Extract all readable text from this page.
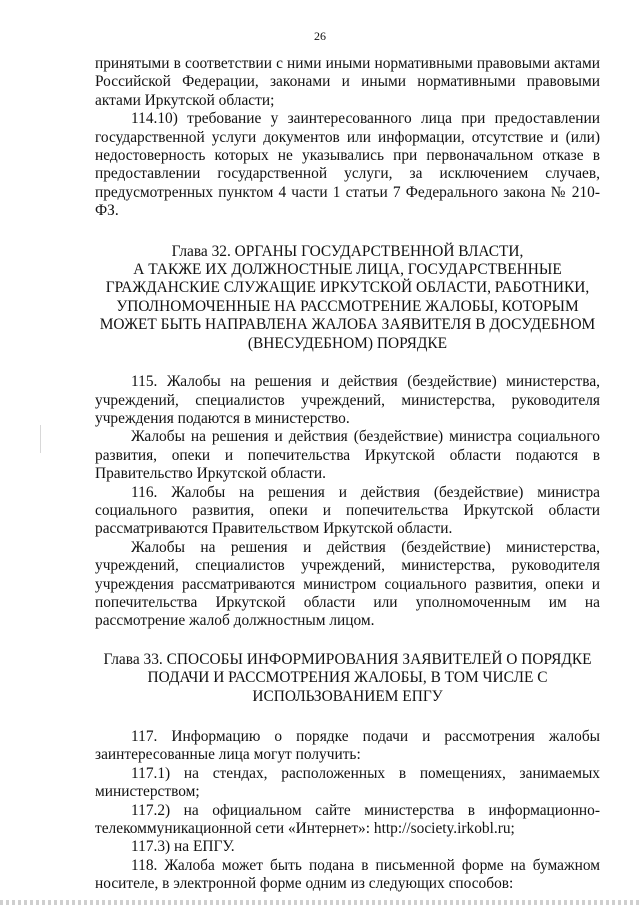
26

принятыми в соответствии с ними иными нормативными правовыми актами Российской Федерации, законами и иными нормативными правовыми актами Иркутской области;

114.10) требование у заинтересованного лица при предоставлении государственной услуги документов или информации, отсутствие и (или) недостоверность которых не указывались при первоначальном отказе в предоставлении государственной услуги, за исключением случаев, предусмотренных пунктом 4 части 1 статьи 7 Федерального закона № 210-ФЗ.

Глава 32. ОРГАНЫ ГОСУДАРСТВЕННОЙ ВЛАСТИ,
А ТАКЖЕ ИХ ДОЛЖНОСТНЫЕ ЛИЦА, ГОСУДАРСТВЕННЫЕ
ГРАЖДАНСКИЕ СЛУЖАЩИЕ ИРКУТСКОЙ ОБЛАСТИ, РАБОТНИКИ,
УПОЛНОМОЧЕННЫЕ НА РАССМОТРЕНИЕ ЖАЛОБЫ, КОТОРЫМ
МОЖЕТ БЫТЬ НАПРАВЛЕНА ЖАЛОБА ЗАЯВИТЕЛЯ В ДОСУДЕБНОМ
(ВНЕСУДЕБНОМ) ПОРЯДКЕ

115. Жалобы на решения и действия (бездействие) министерства, учреждений, специалистов учреждений, министерства, руководителя учреждения подаются в министерство.

Жалобы на решения и действия (бездействие) министра социального развития, опеки и попечительства Иркутской области подаются в Правительство Иркутской области.

116. Жалобы на решения и действия (бездействие) министра социального развития, опеки и попечительства Иркутской области рассматриваются Правительством Иркутской области.

Жалобы на решения и действия (бездействие) министерства, учреждений, специалистов учреждений, министерства, руководителя учреждения рассматриваются министром социального развития, опеки и попечительства Иркутской области или уполномоченным им на рассмотрение жалоб должностным лицом.

Глава 33. СПОСОБЫ ИНФОРМИРОВАНИЯ ЗАЯВИТЕЛЕЙ О ПОРЯДКЕ
ПОДАЧИ И РАССМОТРЕНИЯ ЖАЛОБЫ, В ТОМ ЧИСЛЕ С
ИСПОЛЬЗОВАНИЕМ ЕПГУ

117. Информацию о порядке подачи и рассмотрения жалобы заинтересованные лица могут получить:

117.1) на стендах, расположенных в помещениях, занимаемых министерством;

117.2) на официальном сайте министерства в информационно-телекоммуникационной сети «Интернет»: http://society.irkobl.ru;

117.3) на ЕПГУ.

118. Жалоба может быть подана в письменной форме на бумажном носителе, в электронной форме одним из следующих способов:
